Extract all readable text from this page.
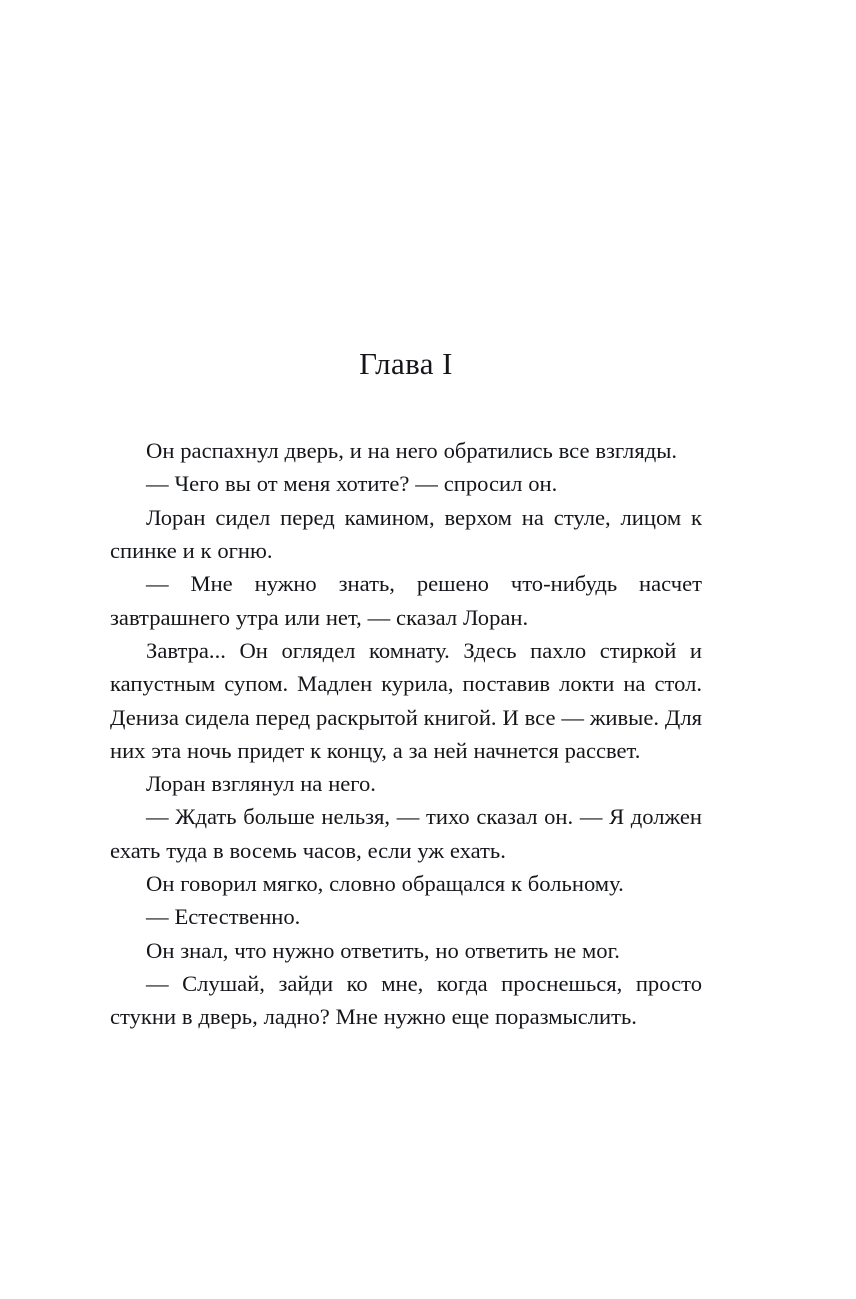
Глава I

Он распахнул дверь, и на него обратились все взгляды.

— Чего вы от меня хотите? — спросил он.

Лоран сидел перед камином, верхом на стуле, лицом к спинке и к огню.

— Мне нужно знать, решено что-нибудь насчет завтрашнего утра или нет, — сказал Лоран.

Завтра... Он оглядел комнату. Здесь пахло стиркой и капустным супом. Мадлен курила, поставив локти на стол. Дениза сидела перед раскрытой книгой. И все — живые. Для них эта ночь придет к концу, а за ней начнется рассвет.

Лоран взглянул на него.

— Ждать больше нельзя, — тихо сказал он. — Я должен ехать туда в восемь часов, если уж ехать.

Он говорил мягко, словно обращался к больному.

— Естественно.

Он знал, что нужно ответить, но ответить не мог.

— Слушай, зайди ко мне, когда проснешься, просто стукни в дверь, ладно? Мне нужно еще поразмыслить.
